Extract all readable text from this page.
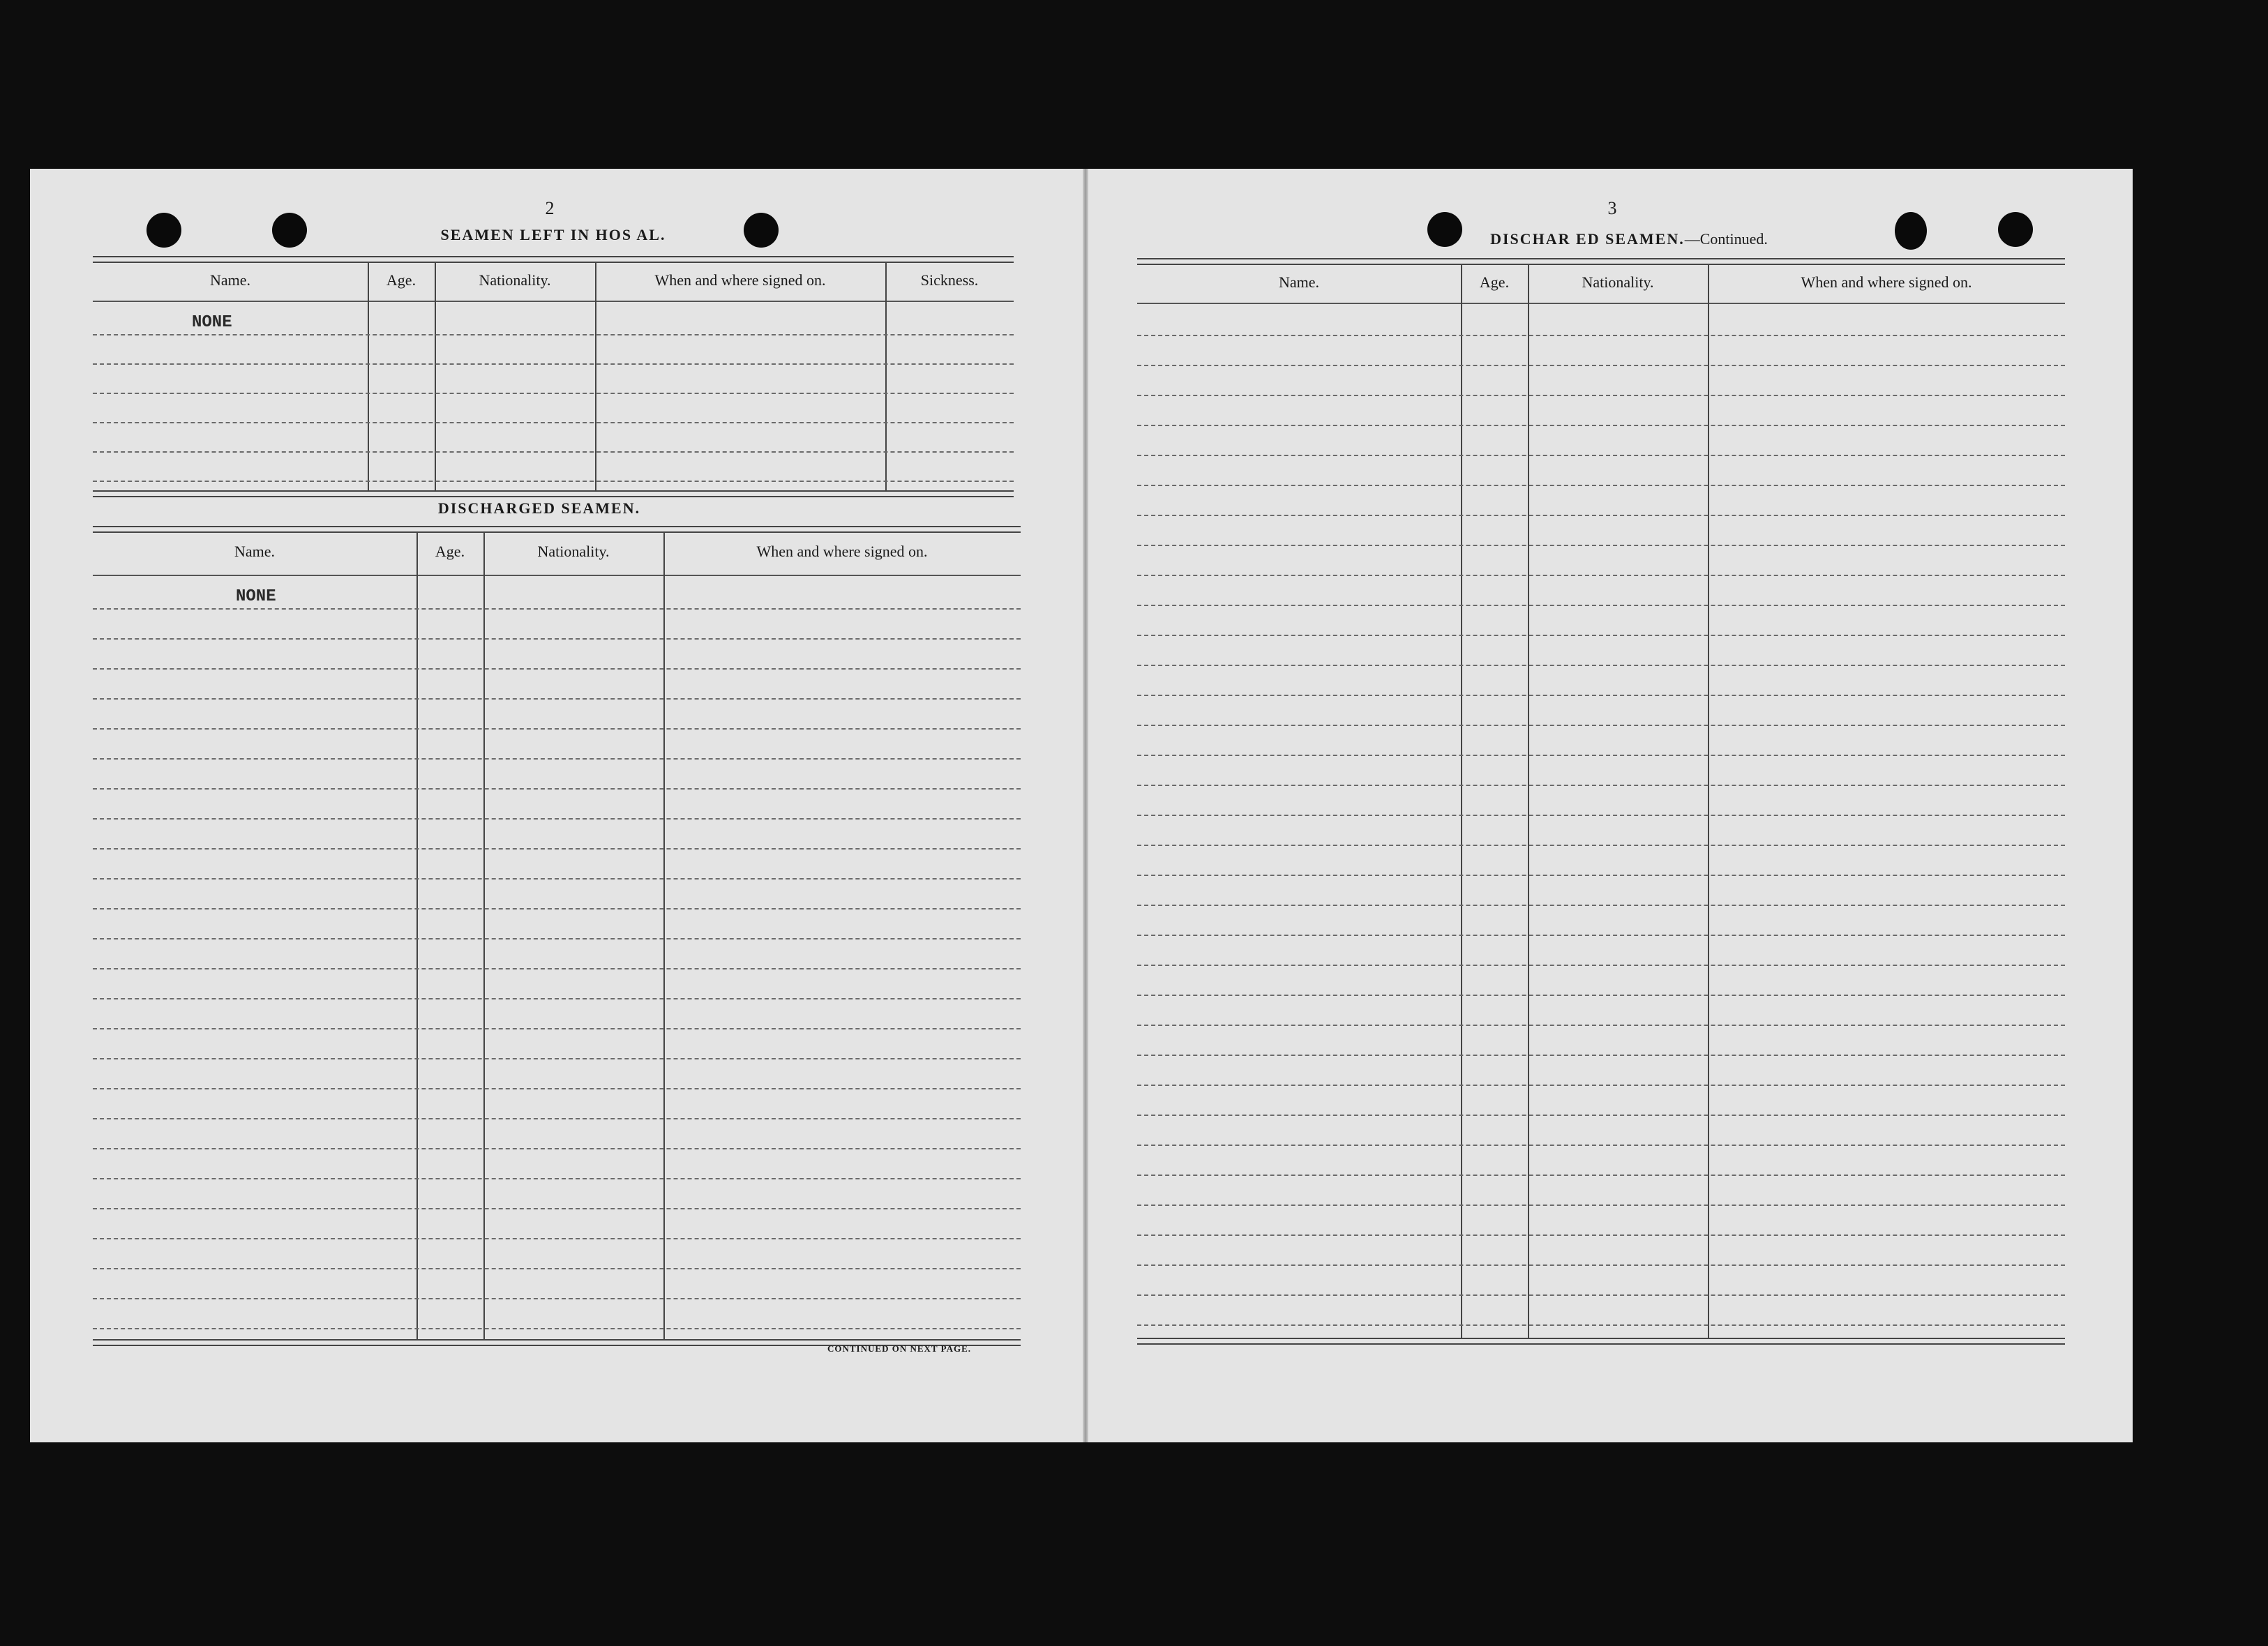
2
SEAMEN LEFT IN HOS AL.
Name.	Age.	Nationality.	When and where signed on.	Sickness.
NONE
DISCHARGED SEAMEN.
Name.	Age.	Nationality.	When and where signed on.
NONE
CONTINUED ON NEXT PAGE.
3
DISCHAR ED SEAMEN.—Continued.
Name.	Age.	Nationality.	When and where signed on.
